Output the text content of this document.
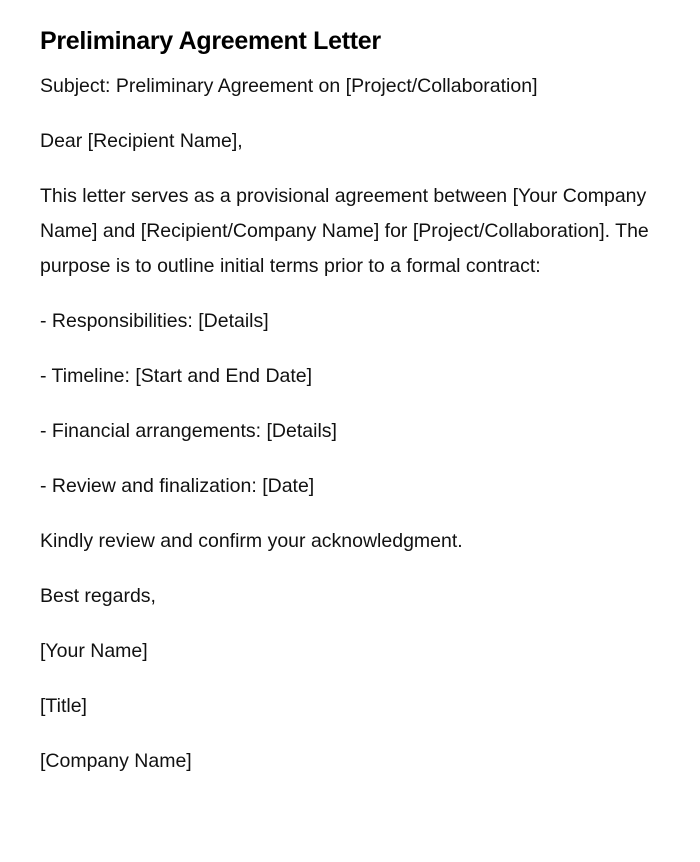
Preliminary Agreement Letter

Subject: Preliminary Agreement on [Project/Collaboration]

Dear [Recipient Name],

This letter serves as a provisional agreement between [Your Company Name] and [Recipient/Company Name] for [Project/Collaboration]. The purpose is to outline initial terms prior to a formal contract:

- Responsibilities: [Details]

- Timeline: [Start and End Date]

- Financial arrangements: [Details]

- Review and finalization: [Date]

Kindly review and confirm your acknowledgment.

Best regards,

[Your Name]

[Title]

[Company Name]
